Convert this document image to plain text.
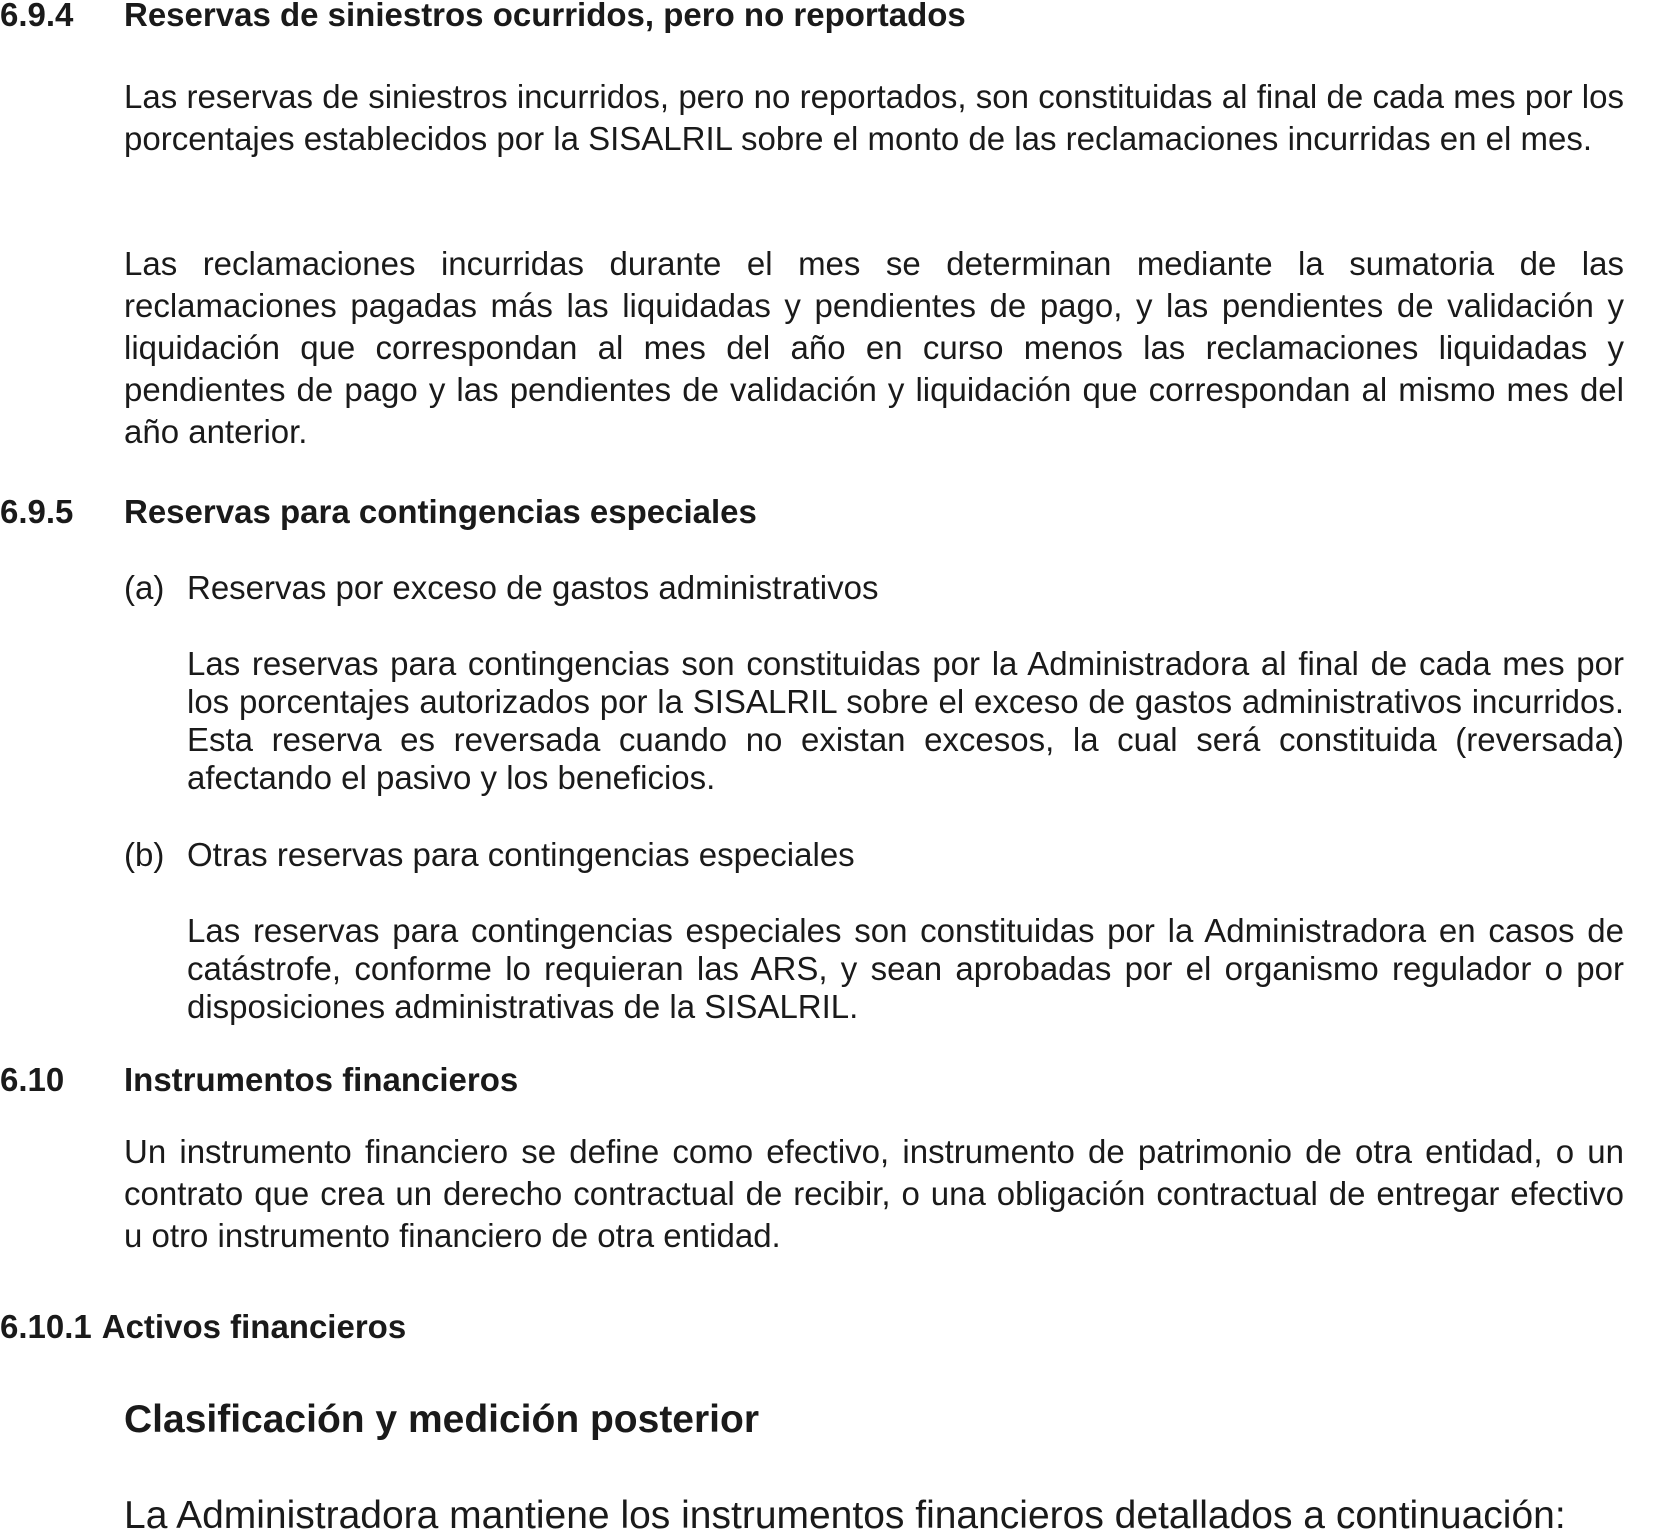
6.9.4 Reservas de siniestros ocurridos, pero no reportados
Las reservas de siniestros incurridos, pero no reportados, son constituidas al final de cada mes por los porcentajes establecidos por la SISALRIL sobre el monto de las reclamaciones incurridas en el mes.
Las reclamaciones incurridas durante el mes se determinan mediante la sumatoria de las reclamaciones pagadas más las liquidadas y pendientes de pago, y las pendientes de validación y liquidación que correspondan al mes del año en curso menos las reclamaciones liquidadas y pendientes de pago y las pendientes de validación y liquidación que correspondan al mismo mes del año anterior.
6.9.5 Reservas para contingencias especiales
(a) Reservas por exceso de gastos administrativos
Las reservas para contingencias son constituidas por la Administradora al final de cada mes por los porcentajes autorizados por la SISALRIL sobre el exceso de gastos administrativos incurridos. Esta reserva es reversada cuando no existan excesos, la cual será constituida (reversada) afectando el pasivo y los beneficios.
(b) Otras reservas para contingencias especiales
Las reservas para contingencias especiales son constituidas por la Administradora en casos de catástrofe, conforme lo requieran las ARS, y sean aprobadas por el organismo regulador o por disposiciones administrativas de la SISALRIL.
6.10 Instrumentos financieros
Un instrumento financiero se define como efectivo, instrumento de patrimonio de otra entidad, o un contrato que crea un derecho contractual de recibir, o una obligación contractual de entregar efectivo u otro instrumento financiero de otra entidad.
6.10.1 Activos financieros
Clasificación y medición posterior
La Administradora mantiene los instrumentos financieros detallados a continuación:
